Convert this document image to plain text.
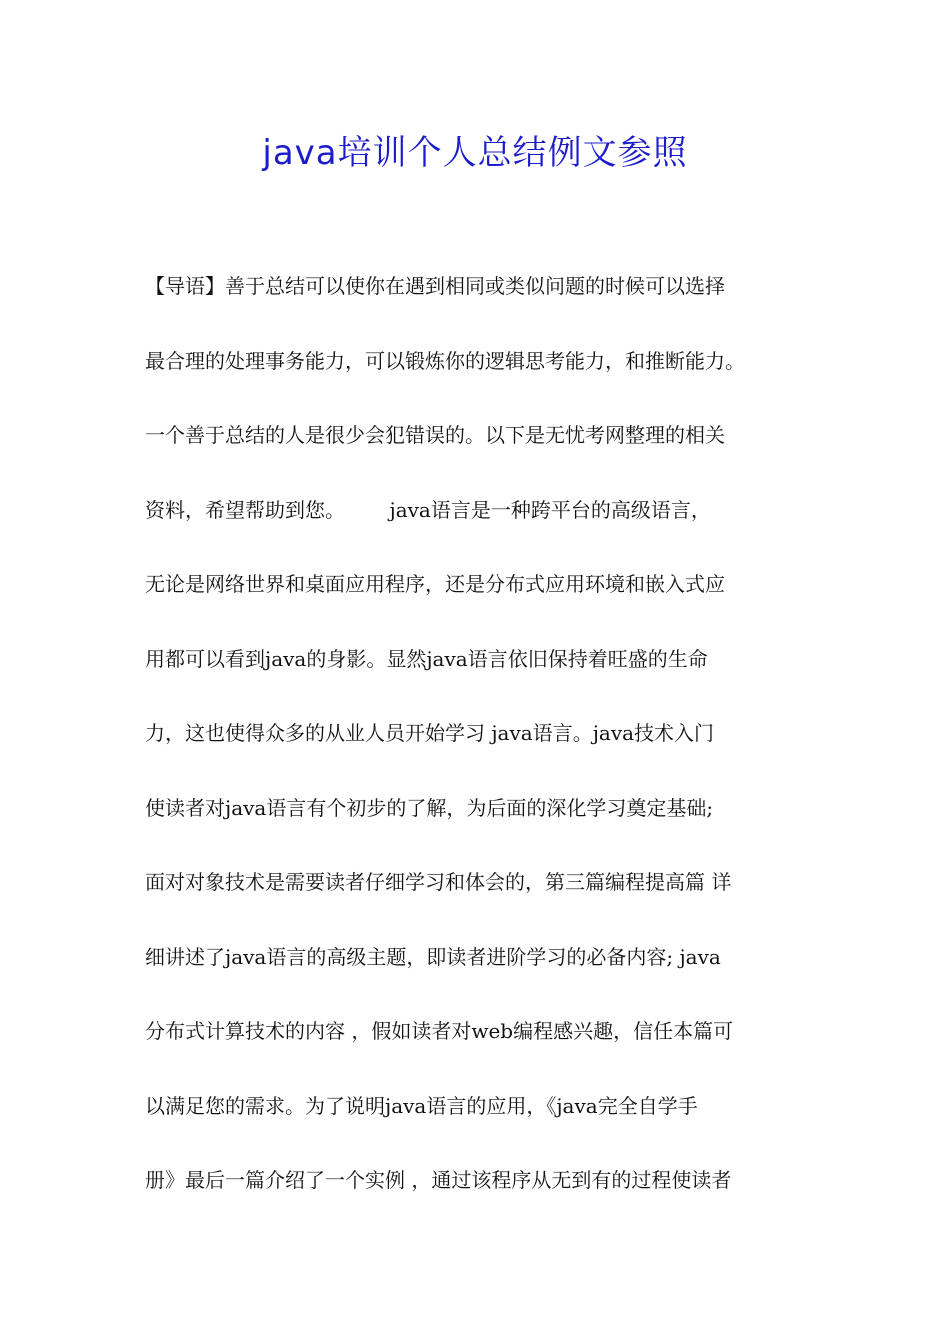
java培训个人总结例文参照
【导语】善于总结可以使你在遇到相同或类似问题的时候可以选择
最合理的处理事务能力，可以锻炼你的逻辑思考能力，和推断能力。
一个善于总结的人是很少会犯错误的。以下是无忧考网整理的相关
资料，希望帮助到您。       java语言是一种跨平台的高级语言，
无论是网络世界和桌面应用程序，还是分布式应用环境和嵌入式应
用都可以看到java的身影。显然java语言依旧保持着旺盛的生命
力，这也使得众多的从业人员开始学习 java语言。java技术入门
使读者对java语言有个初步的了解，为后面的深化学习奠定基础;
面对对象技术是需要读者仔细学习和体会的，第三篇编程提高篇 详
细讲述了java语言的高级主题，即读者进阶学习的必备内容; java
分布式计算技术的内容 ，假如读者对web编程感兴趣，信任本篇可
以满足您的需求。为了说明java语言的应用，《java完全自学手
册》最后一篇介绍了一个实例 ，通过该程序从无到有的过程使读者
